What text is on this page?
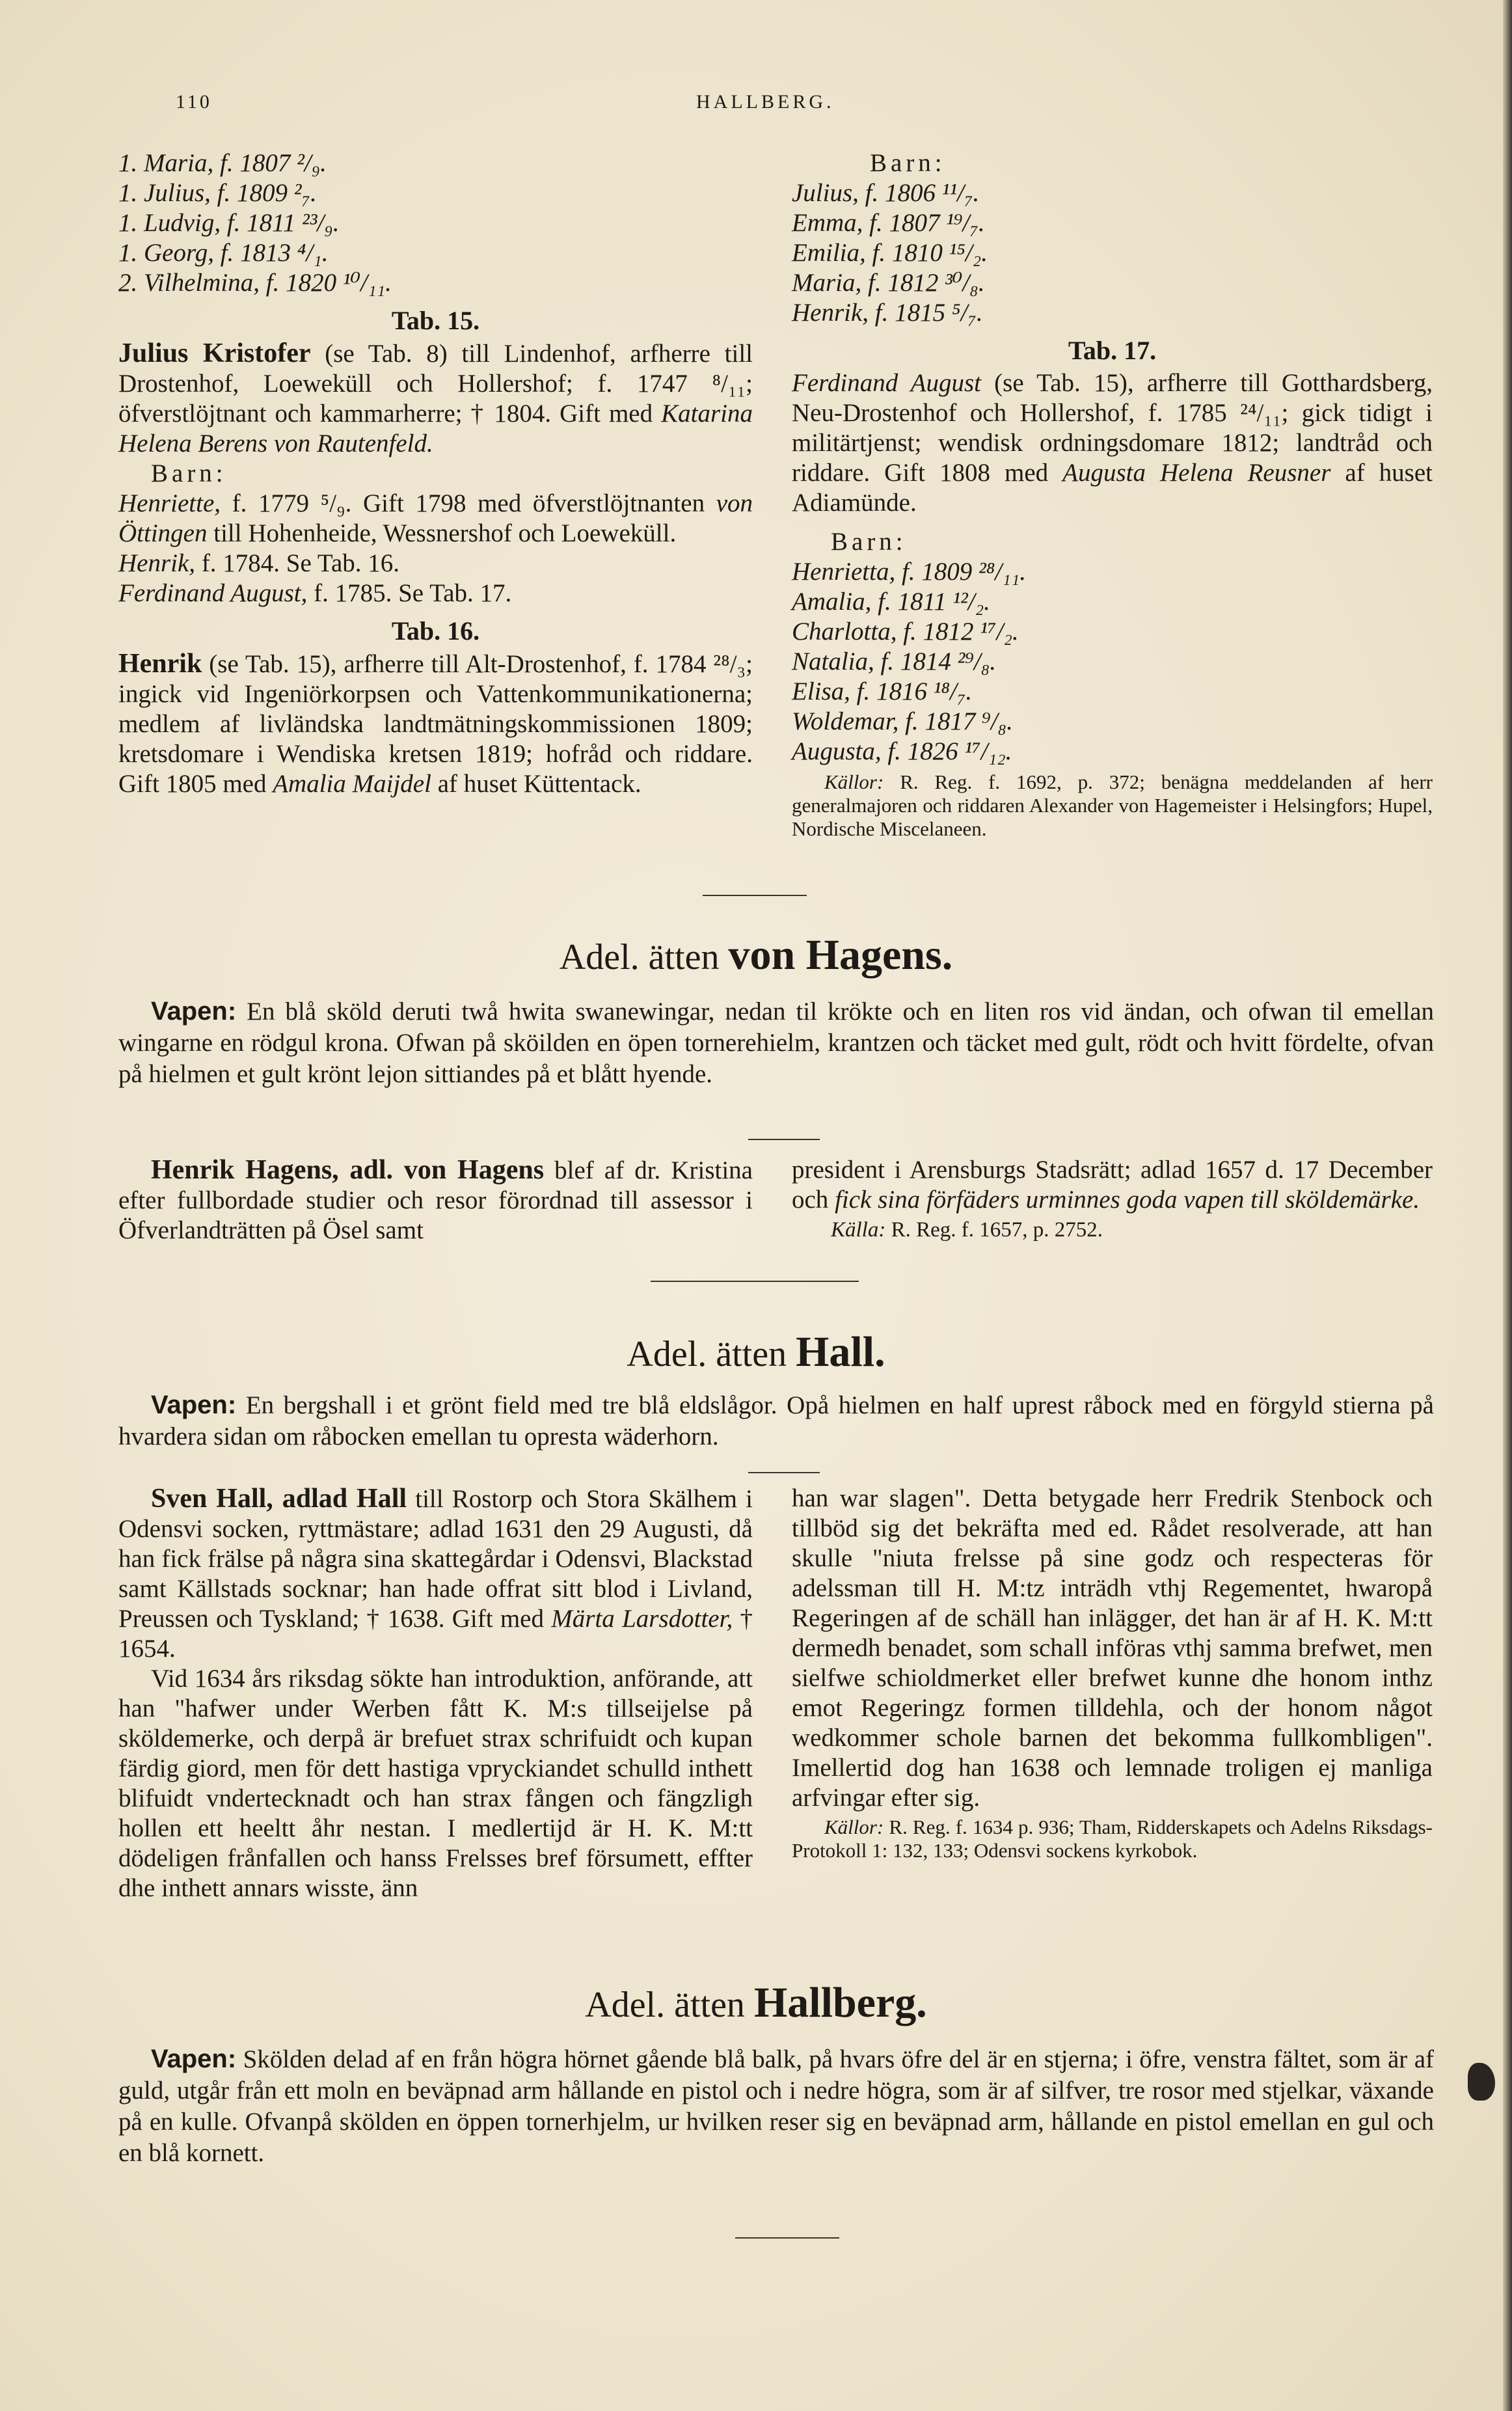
110	HALLBERG.

1. Maria, f. 1807 ²/₉.

1. Julius, f. 1809 ²₇.

1. Ludvig, f. 1811 ²³/₉.

1. Georg, f. 1813 ⁴/₁.

2. Vilhelmina, f. 1820 ¹⁰/₁₁.

Tab. 15.

Julius Kristofer (se Tab. 8) till Lindenhof, arfherre till Drostenhof, Loeweküll och Hollershof; f. 1747 ⁸/₁₁; öfverstlöjtnant och kammarherre; † 1804. Gift med Katarina Helena Berens von Rautenfeld.

Barn:

Henriette, f. 1779 ⁵/₉. Gift 1798 med öfverstlöjtnanten von Öttingen till Hohenheide, Wessnershof och Loeweküll.

Henrik, f. 1784. Se Tab. 16.

Ferdinand August, f. 1785. Se Tab. 17.

Tab. 16.

Henrik (se Tab. 15), arfherre till Alt-Drostenhof, f. 1784 ²⁸/₃; ingick vid Ingeniörkorpsen och Vattenkommunikationerna; medlem af livländska landtmätningskommissionen 1809; kretsdomare i Wendiska kretsen 1819; hofråd och riddare. Gift 1805 med Amalia Maijdel af huset Küttentack.

Barn:

Julius, f. 1806 ¹¹/₇.

Emma, f. 1807 ¹⁹/₇.

Emilia, f. 1810 ¹⁵/₂.

Maria, f. 1812 ³⁰/₈.

Henrik, f. 1815 ⁵/₇.

Tab. 17.

Ferdinand August (se Tab. 15), arfherre till Gotthardsberg, Neu-Drostenhof och Hollershof, f. 1785 ²⁴/₁₁; gick tidigt i militärtjenst; wendisk ordningsdomare 1812; landtråd och riddare. Gift 1808 med Augusta Helena Reusner af huset Adiamünde.

Barn:

Henrietta, f. 1809 ²⁸/₁₁.

Amalia, f. 1811 ¹²/₂.

Charlotta, f. 1812 ¹⁷/₂.

Natalia, f. 1814 ²⁹/₈.

Elisa, f. 1816 ¹⁸/₇.

Woldemar, f. 1817 ⁹/₈.

Augusta, f. 1826 ¹⁷/₁₂.

Källor: R. Reg. f. 1692, p. 372; benägna meddelanden af herr generalmajoren och riddaren Alexander von Hagemeister i Helsingfors; Hupel, Nordische Miscelaneen.

Adel. ätten von Hagens.

Vapen: En blå sköld deruti twå hwita swanewingar, nedan til krökte och en liten ros vid ändan, och ofwan til emellan wingarne en rödgul krona. Ofwan på sköilden en öpen tornerehielm, krantzen och täcket med gult, rödt och hvitt fördelte, ofvan på hielmen et gult krönt lejon sittiandes på et blått hyende.

Henrik Hagens, adl. von Hagens blef af dr. Kristina efter fullbordade studier och resor förordnad till assessor i Öfverlandträtten på Ösel samt

president i Arensburgs Stadsrätt; adlad 1657 d. 17 December och fick sina förfäders urminnes goda vapen till sköldemärke.

Källa: R. Reg. f. 1657, p. 2752.

Adel. ätten Hall.

Vapen: En bergshall i et grönt field med tre blå eldslågor. Opå hielmen en half uprest råbock med en förgyld stierna på hvardera sidan om råbocken emellan tu opresta wäderhorn.

Sven Hall, adlad Hall till Rostorp och Stora Skälhem i Odensvi socken, ryttmästare; adlad 1631 den 29 Augusti, då han fick frälse på några sina skattegårdar i Odensvi, Blackstad samt Källstads socknar; han hade offrat sitt blod i Livland, Preussen och Tyskland; † 1638. Gift med Märta Larsdotter, † 1654.

Vid 1634 års riksdag sökte han introduktion, anförande, att han "hafwer under Werben fått K. M:s tillseijelse på sköldemerke, och derpå är brefuet strax schrifuidt och kupan färdig giord, men för dett hastiga vpryckiandet schulld inthett blifuidt vndertecknadt och han strax fången och fängzligh hollen ett heeltt åhr nestan. I medlertijd är H. K. M:tt dödeligen frånfallen och hanss Frelsses bref försumett, effter dhe inthett annars wisste, änn

han war slagen". Detta betygade herr Fredrik Stenbock och tillböd sig det bekräfta med ed. Rådet resolverade, att han skulle "niuta frelsse på sine godz och respecteras för adelssman till H. M:tz inträdh vthj Regementet, hwaropå Regeringen af de schäll han inlägger, det han är af H. K. M:tt dermedh benadet, som schall införas vthj samma brefwet, men sielfwe schioldmerket eller brefwet kunne dhe honom inthz emot Regeringz formen tilldehla, och der honom något wedkommer schole barnen det bekomma fullkombligen". Imellertid dog han 1638 och lemnade troligen ej manliga arfvingar efter sig.

Källor: R. Reg. f. 1634 p. 936; Tham, Ridderskapets och Adelns Riksdags-Protokoll 1: 132, 133; Odensvi sockens kyrkobok.

Adel. ätten Hallberg.

Vapen: Skölden delad af en från högra hörnet gående blå balk, på hvars öfre del är en stjerna; i öfre, venstra fältet, som är af guld, utgår från ett moln en beväpnad arm hållande en pistol och i nedre högra, som är af silfver, tre rosor med stjelkar, växande på en kulle. Ofvanpå skölden en öppen tornerhjelm, ur hvilken reser sig en beväpnad arm, hållande en pistol emellan en gul och en blå kornett.
